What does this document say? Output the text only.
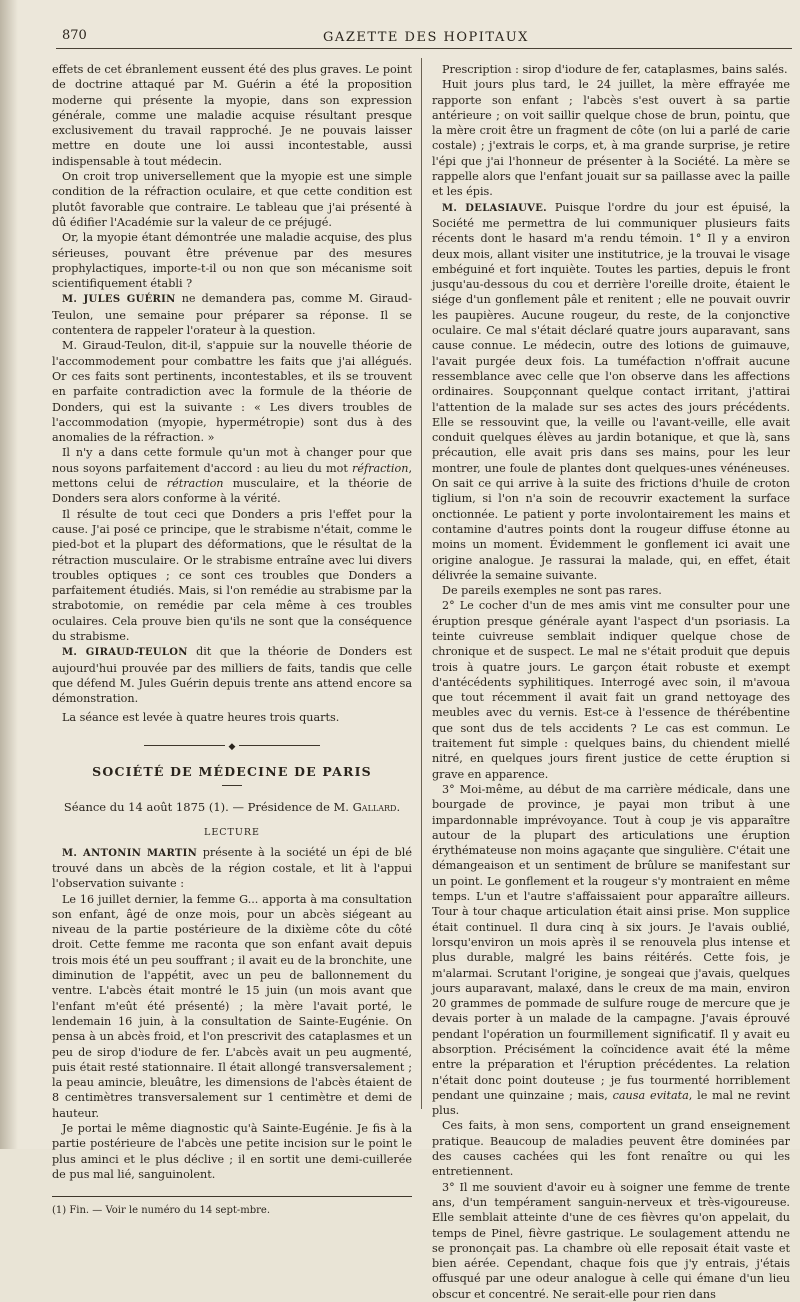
870	GAZETTE DES HOPITAUX

effets de cet ébranlement eussent été des plus graves. Le point de doctrine attaqué par M. Guérin a été la proposition moderne qui présente la myopie, dans son expression générale, comme une maladie acquise résultant presque exclusivement du travail rapproché. Je ne pouvais laisser mettre en doute une loi aussi incontestable, aussi indispensable à tout médecin.

On croit trop universellement que la myopie est une simple condition de la réfraction oculaire, et que cette condition est plutôt favorable que contraire. Le tableau que j'ai présenté à dû édifier l'Académie sur la valeur de ce préjugé.

Or, la myopie étant démontrée une maladie acquise, des plus sérieuses, pouvant être prévenue par des mesures prophylactiques, importe-t-il ou non que son mécanisme soit scientifiquement établi ?

M. JULES GUÉRIN ne demandera pas, comme M. Giraud-Teulon, une semaine pour préparer sa réponse. Il se contentera de rappeler l'orateur à la question.

M. Giraud-Teulon, dit-il, s'appuie sur la nouvelle théorie de l'accommodement pour combattre les faits que j'ai allégués. Or ces faits sont pertinents, incontestables, et ils se trouvent en parfaite contradiction avec la formule de la théorie de Donders, qui est la suivante : « Les divers troubles de l'accommodation (myopie, hypermétropie) sont dus à des anomalies de la réfraction. »

Il n'y a dans cette formule qu'un mot à changer pour que nous soyons parfaitement d'accord : au lieu du mot réfraction, mettons celui de rétraction musculaire, et la théorie de Donders sera alors conforme à la vérité.

Il résulte de tout ceci que Donders a pris l'effet pour la cause. J'ai posé ce principe, que le strabisme n'était, comme le pied-bot et la plupart des déformations, que le résultat de la rétraction musculaire. Or le strabisme entraîne avec lui divers troubles optiques ; ce sont ces troubles que Donders a parfaitement étudiés. Mais, si l'on remédie au strabisme par la strabotomie, on remédie par cela même à ces troubles oculaires. Cela prouve bien qu'ils ne sont que la conséquence du strabisme.

M. GIRAUD-TEULON dit que la théorie de Donders est aujourd'hui prouvée par des milliers de faits, tandis que celle que défend M. Jules Guérin depuis trente ans attend encore sa démonstration.

La séance est levée à quatre heures trois quarts.

◆
SOCIÉTÉ DE MÉDECINE DE PARIS
Séance du 14 août 1875 (1). — Présidence de M. Gallard.
LECTURE

M. ANTONIN MARTIN présente à la société un épi de blé trouvé dans un abcès de la région costale, et lit à l'appui l'observation suivante :

Le 16 juillet dernier, la femme G... apporta à ma consultation son enfant, âgé de onze mois, pour un abcès siégeant au niveau de la partie postérieure de la dixième côte du côté droit. Cette femme me raconta que son enfant avait depuis trois mois été un peu souffrant ; il avait eu de la bronchite, une diminution de l'appétit, avec un peu de ballonnement du ventre. L'abcès était montré le 15 juin (un mois avant que l'enfant m'eût été présenté) ; la mère l'avait porté, le lendemain 16 juin, à la consultation de Sainte-Eugénie. On pensa à un abcès froid, et l'on prescrivit des cataplasmes et un peu de sirop d'iodure de fer. L'abcès avait un peu augmenté, puis était resté stationnaire. Il était allongé transversalement ; la peau amincie, bleuâtre, les dimensions de l'abcès étaient de 8 centimètres transversalement sur 1 centimètre et demi de hauteur.

Je portai le même diagnostic qu'à Sainte-Eugénie. Je fis à la partie postérieure de l'abcès une petite incision sur le point le plus aminci et le plus déclive ; il en sortit une demi-cuillerée de pus mal lié, sanguinolent.

(1) Fin. — Voir le numéro du 14 sept-mbre.

Prescription : sirop d'iodure de fer, cataplasmes, bains salés.

Huit jours plus tard, le 24 juillet, la mère effrayée me rapporte son enfant ; l'abcès s'est ouvert à sa partie antérieure ; on voit saillir quelque chose de brun, pointu, que la mère croit être un fragment de côte (on lui a parlé de carie costale) ; j'extrais le corps, et, à ma grande surprise, je retire l'épi que j'ai l'honneur de présenter à la Société. La mère se rappelle alors que l'enfant jouait sur sa paillasse avec la paille et les épis.

M. DELASIAUVE. Puisque l'ordre du jour est épuisé, la Société me permettra de lui communiquer plusieurs faits récents dont le hasard m'a rendu témoin. 1° Il y a environ deux mois, allant visiter une institutrice, je la trouvai le visage embéguiné et fort inquiète. Toutes les parties, depuis le front jusqu'au-dessous du cou et derrière l'oreille droite, étaient le siége d'un gonflement pâle et renitent ; elle ne pouvait ouvrir les paupières. Aucune rougeur, du reste, de la conjonctive oculaire. Ce mal s'était déclaré quatre jours auparavant, sans cause connue. Le médecin, outre des lotions de guimauve, l'avait purgée deux fois. La tuméfaction n'offrait aucune ressemblance avec celle que l'on observe dans les affections ordinaires. Soupçonnant quelque contact irritant, j'attirai l'attention de la malade sur ses actes des jours précédents. Elle se ressouvint que, la veille ou l'avant-veille, elle avait conduit quelques élèves au jardin botanique, et que là, sans précaution, elle avait pris dans ses mains, pour les leur montrer, une foule de plantes dont quelques-unes vénéneuses. On sait ce qui arrive à la suite des frictions d'huile de croton tiglium, si l'on n'a soin de recouvrir exactement la surface onctionnée. Le patient y porte involontairement les mains et contamine d'autres points dont la rougeur diffuse étonne au moins un moment. Évidemment le gonflement ici avait une origine analogue. Je rassurai la malade, qui, en effet, était délivrée la semaine suivante.

De pareils exemples ne sont pas rares.

2° Le cocher d'un de mes amis vint me consulter pour une éruption presque générale ayant l'aspect d'un psoriasis. La teinte cuivreuse semblait indiquer quelque chose de chronique et de suspect. Le mal ne s'était produit que depuis trois à quatre jours. Le garçon était robuste et exempt d'antécédents syphilitiques. Interrogé avec soin, il m'avoua que tout récemment il avait fait un grand nettoyage des meubles avec du vernis. Est-ce à l'essence de thérébentine que sont dus de tels accidents ? Le cas est commun. Le traitement fut simple : quelques bains, du chiendent miellé nitré, en quelques jours firent justice de cette éruption si grave en apparence.

3° Moi-même, au début de ma carrière médicale, dans une bourgade de province, je payai mon tribut à une impardonnable imprévoyance. Tout à coup je vis apparaître autour de la plupart des articulations une éruption érythémateuse non moins agaçante que singulière. C'était une démangeaison et un sentiment de brûlure se manifestant sur un point. Le gonflement et la rougeur s'y montraient en même temps. L'un et l'autre s'affaissaient pour apparaître ailleurs. Tour à tour chaque articulation était ainsi prise. Mon supplice était continuel. Il dura cinq à six jours. Je l'avais oublié, lorsqu'environ un mois après il se renouvela plus intense et plus durable, malgré les bains réitérés. Cette fois, je m'alarmai. Scrutant l'origine, je songeai que j'avais, quelques jours auparavant, malaxé, dans le creux de ma main, environ 20 grammes de pommade de sulfure rouge de mercure que je devais porter à un malade de la campagne. J'avais éprouvé pendant l'opération un fourmillement significatif. Il y avait eu absorption. Précisément la coïncidence avait été la même entre la préparation et l'éruption précédentes. La relation n'était donc point douteuse ; je fus tourmenté horriblement pendant une quinzaine ; mais, causa evitata, le mal ne revint plus.

Ces faits, à mon sens, comportent un grand enseignement pratique. Beaucoup de maladies peuvent être dominées par des causes cachées qui les font renaître ou qui les entretiennent.

3° Il me souvient d'avoir eu à soigner une femme de trente ans, d'un tempérament sanguin-nerveux et très-vigoureuse. Elle semblait atteinte d'une de ces fièvres qu'on appelait, du temps de Pinel, fièvre gastrique. Le soulagement attendu ne se prononçait pas. La chambre où elle reposait était vaste et bien aérée. Cependant, chaque fois que j'y entrais, j'étais offusqué par une odeur analogue à celle qui émane d'un lieu obscur et concentré. Ne serait-elle pour rien dans
